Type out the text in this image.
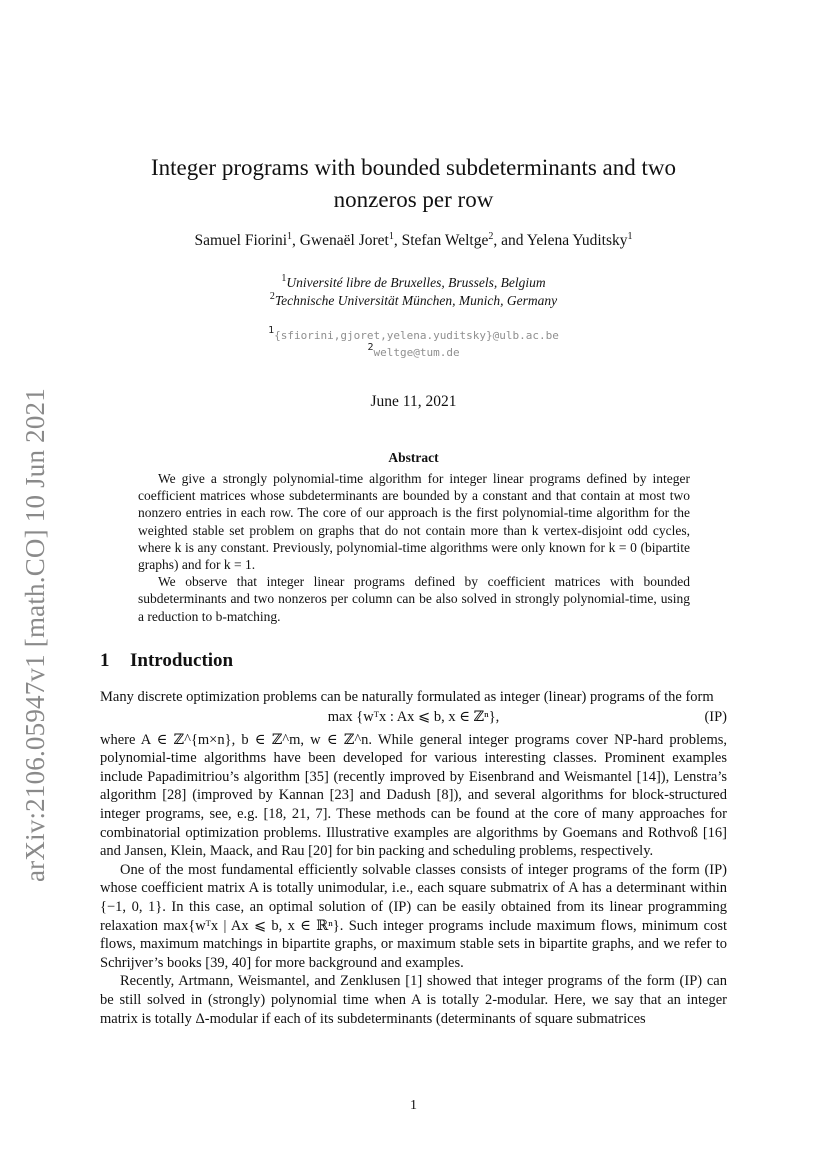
arXiv:2106.05947v1 [math.CO] 10 Jun 2021
Integer programs with bounded subdeterminants and two
nonzeros per row
Samuel Fiorini$^1$, Gwenaël Joret$^1$, Stefan Weltge$^2$, and Yelena Yuditsky$^1$
$^1$Université libre de Bruxelles, Brussels, Belgium
$^2$Technische Universität München, Munich, Germany
$^1${sfiorini,gjoret,yelena.yuditsky}@ulb.ac.be
$^2$weltge@tum.de
June 11, 2021
Abstract

We give a strongly polynomial-time algorithm for integer linear programs defined by integer coefficient matrices whose subdeterminants are bounded by a constant and that contain at most two nonzero entries in each row. The core of our approach is the first polynomial-time algorithm for the weighted stable set problem on graphs that do not contain more than k vertex-disjoint odd cycles, where k is any constant. Previously, polynomial-time algorithms were only known for k = 0 (bipartite graphs) and for k = 1.

We observe that integer linear programs defined by coefficient matrices with bounded subdeterminants and two nonzeros per column can be also solved in strongly polynomial-time, using a reduction to b-matching.

1 Introduction

Many discrete optimization problems can be naturally formulated as integer (linear) programs of the form

max {wᵀx : Ax ⩽ b, x ∈ ℤⁿ},	(IP)

where A ∈ ℤ^{m×n}, b ∈ ℤ^m, w ∈ ℤ^n. While general integer programs cover NP-hard problems, polynomial-time algorithms have been developed for various interesting classes. Prominent examples include Papadimitriou’s algorithm [35] (recently improved by Eisenbrand and Weismantel [14]), Lenstra’s algorithm [28] (improved by Kannan [23] and Dadush [8]), and several algorithms for block-structured integer programs, see, e.g. [18, 21, 7]. These methods can be found at the core of many approaches for combinatorial optimization problems. Illustrative examples are algorithms by Goemans and Rothvoß [16] and Jansen, Klein, Maack, and Rau [20] for bin packing and scheduling problems, respectively.

One of the most fundamental efficiently solvable classes consists of integer programs of the form (IP) whose coefficient matrix A is totally unimodular, i.e., each square submatrix of A has a determinant within {−1, 0, 1}. In this case, an optimal solution of (IP) can be easily obtained from its linear programming relaxation max{wᵀx | Ax ⩽ b, x ∈ ℝⁿ}. Such integer programs include maximum flows, minimum cost flows, maximum matchings in bipartite graphs, or maximum stable sets in bipartite graphs, and we refer to Schrijver’s books [39, 40] for more background and examples.

Recently, Artmann, Weismantel, and Zenklusen [1] showed that integer programs of the form (IP) can be still solved in (strongly) polynomial time when A is totally 2-modular. Here, we say that an integer matrix is totally Δ-modular if each of its subdeterminants (determinants of square submatrices

1
